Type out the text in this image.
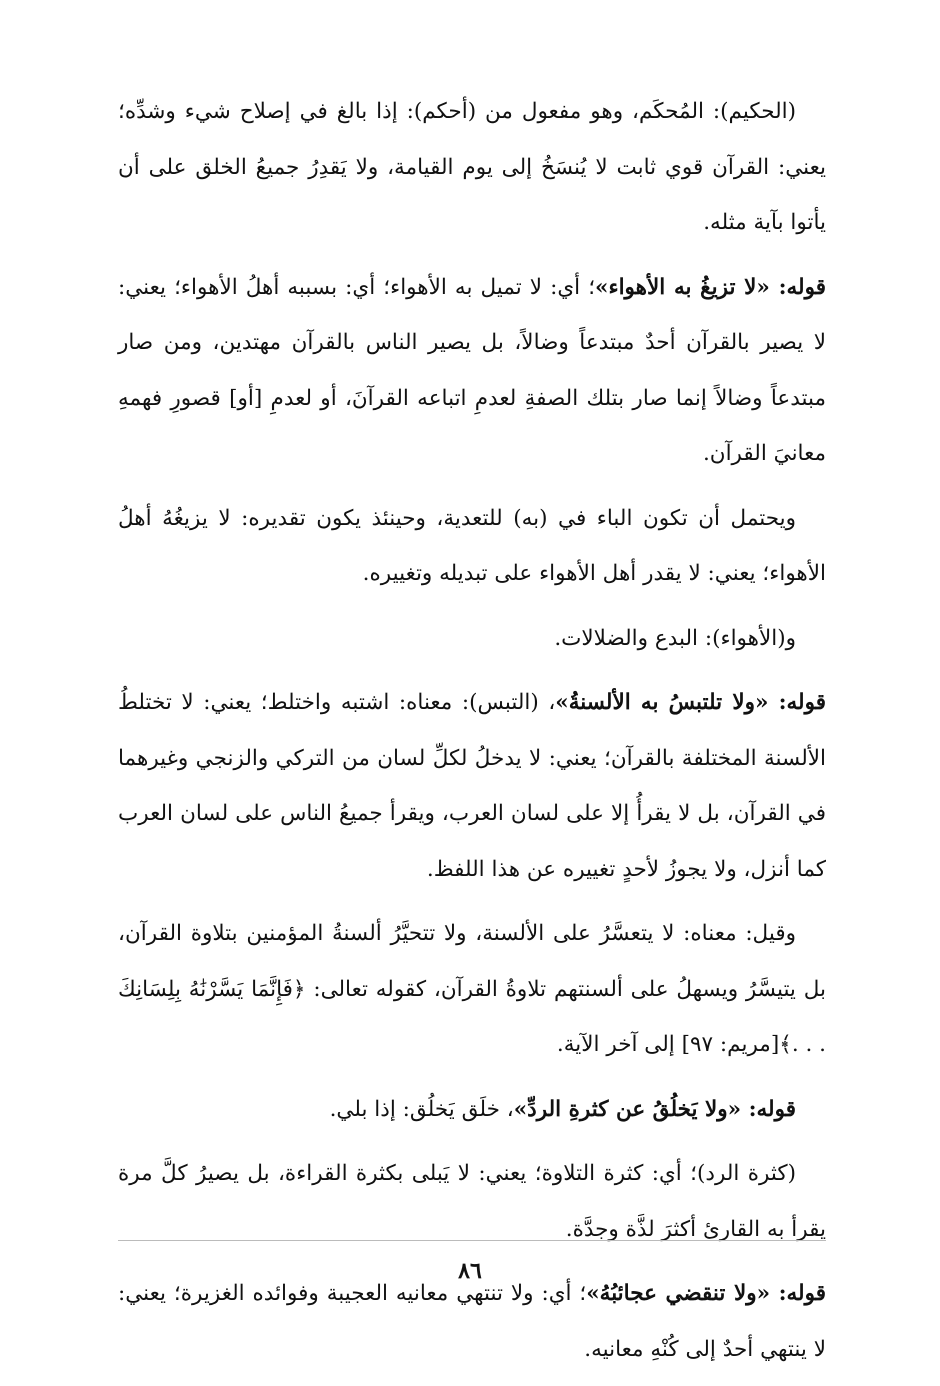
(الحكيم): المُحكَم، وهو مفعول من (أحكم): إذا بالغ في إصلاح شيء وشدِّه؛ يعني: القرآن قوي ثابت لا يُنسَخُ إلى يوم القيامة، ولا يَقدِرُ جميعُ الخلق على أن يأتوا بآية مثله.

قوله: «لا تزيغُ به الأهواء»؛ أي: لا تميل به الأهواء؛ أي: بسببه أهلُ الأهواء؛ يعني: لا يصير بالقرآن أحدٌ مبتدعاً وضالاً، بل يصير الناس بالقرآن مهتدين، ومن صار مبتدعاً وضالاً إنما صار بتلك الصفةِ لعدمِ اتباعه القرآنَ، أو لعدمِ [أو] قصورِ فهمهِ معانيَ القرآن.

ويحتمل أن تكون الباء في (به) للتعدية، وحينئذ يكون تقديره: لا يزيغُهُ أهلُ الأهواء؛ يعني: لا يقدر أهل الأهواء على تبديله وتغييره.

و(الأهواء): البدع والضلالات.

قوله: «ولا تلتبسُ به الألسنةُ»، (التبس): معناه: اشتبه واختلط؛ يعني: لا تختلطُ الألسنة المختلفة بالقرآن؛ يعني: لا يدخلُ لكلِّ لسان من التركي والزنجي وغيرهما في القرآن، بل لا يقرأُ إلا على لسان العرب، ويقرأ جميعُ الناس على لسان العرب كما أنزل، ولا يجوزُ لأحدٍ تغييره عن هذا اللفظ.

وقيل: معناه: لا يتعسَّرُ على الألسنة، ولا تتحيَّرُ ألسنةُ المؤمنين بتلاوة القرآن، بل يتيسَّرُ ويسهلُ على ألسنتهم تلاوةُ القرآن، كقوله تعالى: ﴿فَإِنَّمَا يَسَّرْنَٰهُ بِلِسَانِكَ . . .﴾[مريم: ٩٧] إلى آخر الآية.

قوله: «ولا يَخلُقُ عن كثرةِ الردِّ»، خلَق يَخلُق: إذا بلي.

(كثرة الرد)؛ أي: كثرة التلاوة؛ يعني: لا يَبلى بكثرة القراءة، بل يصيرُ كلَّ مرة يقرأ به القارئ أكثرَ لذَّة وجدَّة.

قوله: «ولا تنقضي عجائبُهُ»؛ أي: ولا تنتهي معانيه العجيبة وفوائده الغزيرة؛ يعني: لا ينتهي أحدٌ إلى كُنْهِ معانيه.

٨٦
